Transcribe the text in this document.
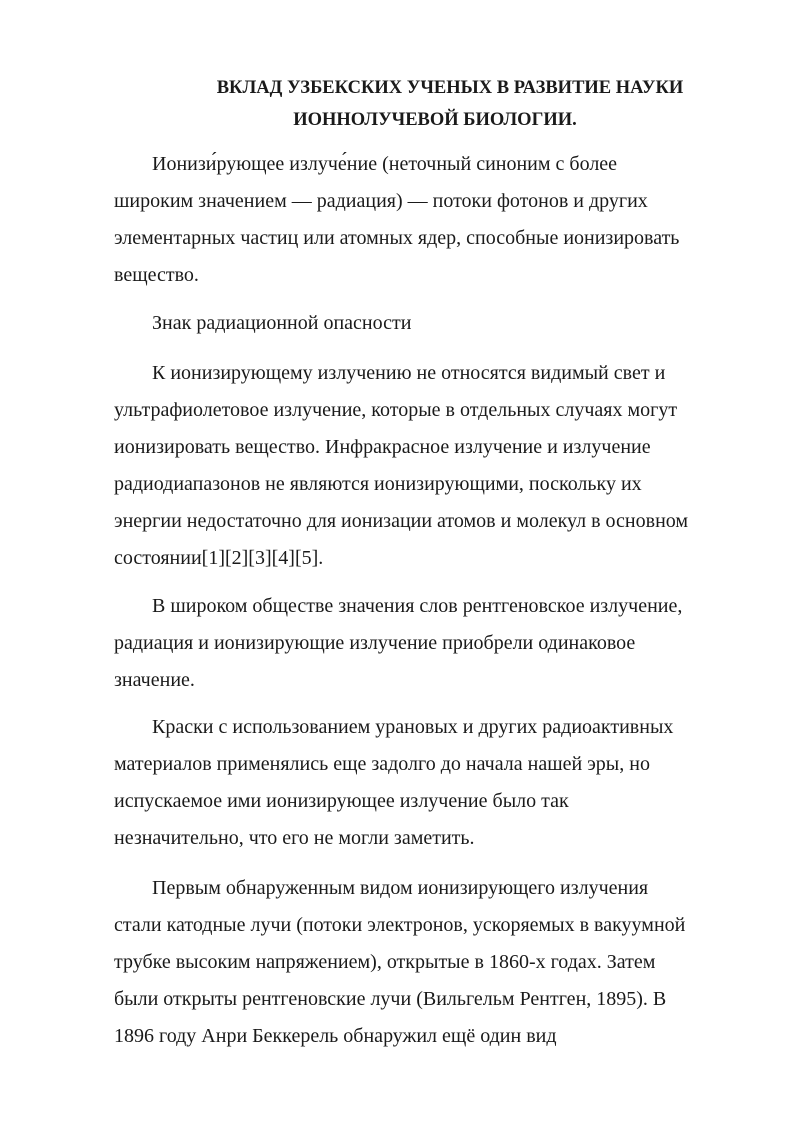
ВКЛАД УЗБЕКСКИХ УЧЕНЫХ В РАЗВИТИЕ НАУКИ
ИОННОЛУЧЕВОЙ БИОЛОГИИ.

Ионизи́рующее излуче́ние (неточный синоним с более
широким значением — радиация) — потоки фотонов и других
элементарных частиц или атомных ядер, способные ионизировать
вещество.

Знак радиационной опасности

К ионизирующему излучению не относятся видимый свет и
ультрафиолетовое излучение, которые в отдельных случаях могут
ионизировать вещество. Инфракрасное излучение и излучение
радиодиапазонов не являются ионизирующими, поскольку их
энергии недостаточно для ионизации атомов и молекул в основном
состоянии[1][2][3][4][5].

В широком обществе значения слов рентгеновское излучение,
радиация и ионизирующие излучение приобрели одинаковое
значение.

Краски с использованием урановых и других радиоактивных
материалов применялись еще задолго до начала нашей эры, но
испускаемое ими ионизирующее излучение было так
незначительно, что его не могли заметить.

Первым обнаруженным видом ионизирующего излучения
стали катодные лучи (потоки электронов, ускоряемых в вакуумной
трубке высоким напряжением), открытые в 1860-х годах. Затем
были открыты рентгеновские лучи (Вильгельм Рентген, 1895). В
1896 году Анри Беккерель обнаружил ещё один вид
